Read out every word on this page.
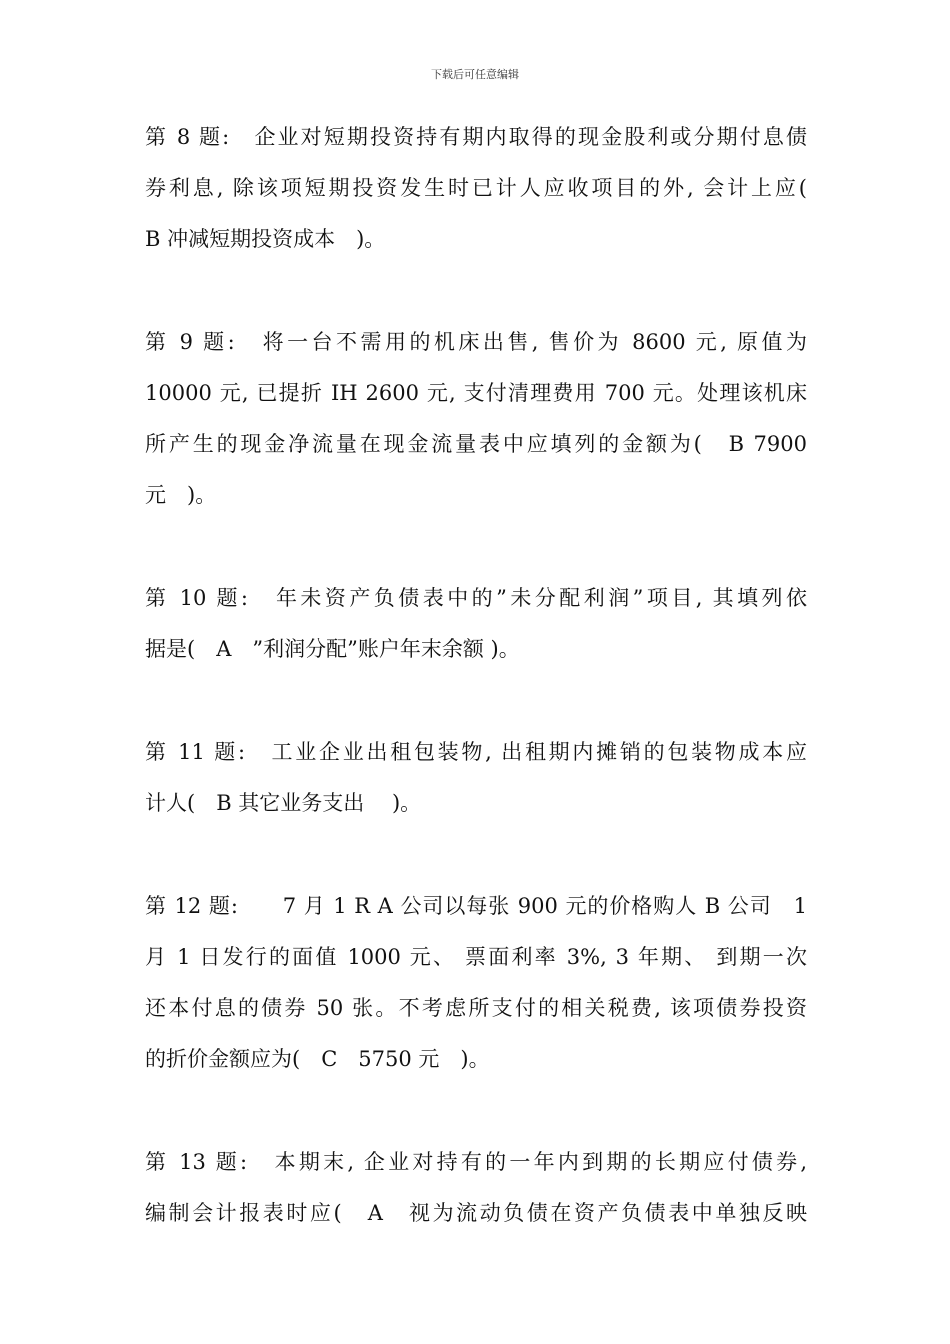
下载后可任意编辑
第 8 题:　企业对短期投资持有期内取得的现金股利或分期付息债
券利息, 除该项短期投资发生时已计人应收项目的外, 会计上应(
B 冲减短期投资成本　)。
第 9 题:　将一台不需用的机床出售, 售价为 8600 元, 原值为
10000 元, 已提折 IH 2600 元, 支付清理费用 700 元。处理该机床
所产生的现金净流量在现金流量表中应填列的金额为(　B 7900
元　)。
第 10 题:　年未资产负债表中的”未分配利润”项目, 其填列依
据是(　A　”利润分配”账户年末余额 )。
第 11 题:　工业企业出租包装物, 出租期内摊销的包装物成本应
计人(　B 其它业务支出　 )。
第 12 题:　　7 月 1 R A 公司以每张 900 元的价格购人 B 公司　1
月 1 日发行的面值 1000 元、 票面利率 3%, 3 年期、 到期一次
还本付息的债券 50 张。不考虑所支付的相关税费, 该项债券投资
的折价金额应为(　C　5750 元　)。
第 13 题:　本期末, 企业对持有的一年内到期的长期应付债券,
编制会计报表时应(　A　视为流动负债在资产负债表中单独反映
